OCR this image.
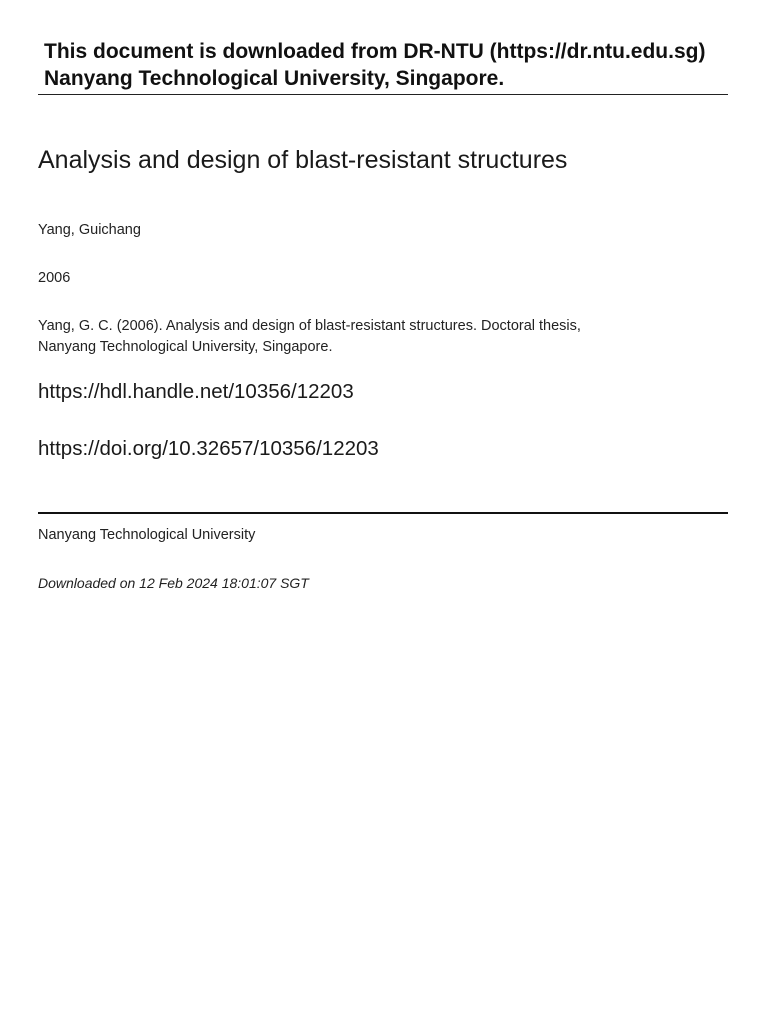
This document is downloaded from DR-NTU (https://dr.ntu.edu.sg)
Nanyang Technological University, Singapore.
Analysis and design of blast-resistant structures
Yang, Guichang
2006
Yang, G. C. (2006). Analysis and design of blast-resistant structures. Doctoral thesis,
Nanyang Technological University, Singapore.
https://hdl.handle.net/10356/12203
https://doi.org/10.32657/10356/12203
Nanyang Technological University
Downloaded on 12 Feb 2024 18:01:07 SGT
